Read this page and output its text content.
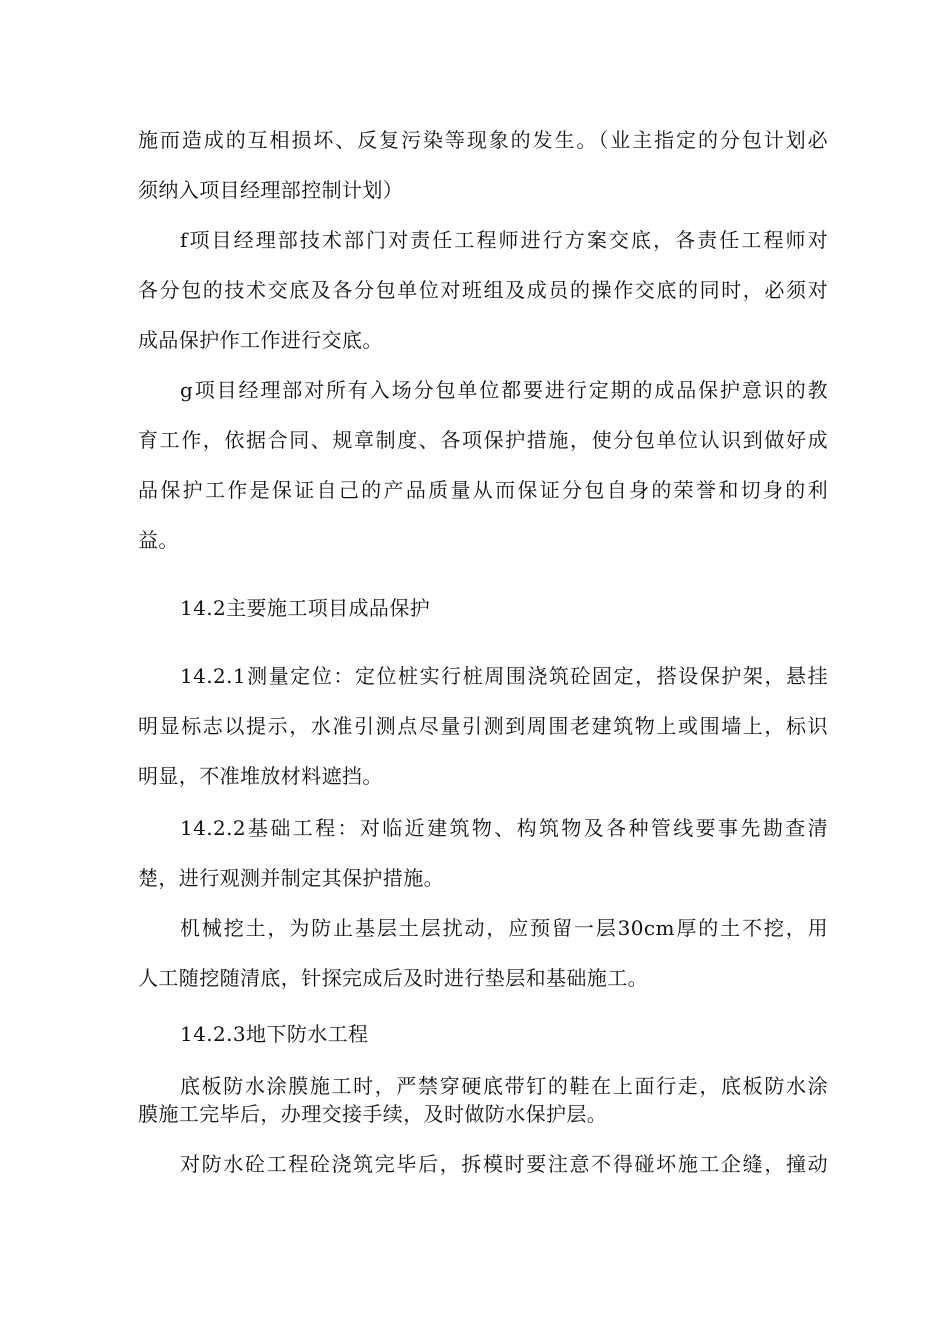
施而造成的互相损坏、反复污染等现象的发生。（业主指定的分包计划必
须纳入项目经理部控制计划）
f项目经理部技术部门对责任工程师进行方案交底，各责任工程师对
各分包的技术交底及各分包单位对班组及成员的操作交底的同时，必须对
成品保护作工作进行交底。
g项目经理部对所有入场分包单位都要进行定期的成品保护意识的教
育工作，依据合同、规章制度、各项保护措施，使分包单位认识到做好成
品保护工作是保证自己的产品质量从而保证分包自身的荣誉和切身的利
益。
14.2主要施工项目成品保护
14.2.1测量定位：定位桩实行桩周围浇筑砼固定，搭设保护架，悬挂
明显标志以提示，水准引测点尽量引测到周围老建筑物上或围墙上，标识
明显，不准堆放材料遮挡。
14.2.2基础工程：对临近建筑物、构筑物及各种管线要事先勘查清
楚，进行观测并制定其保护措施。
机械挖土，为防止基层土层扰动，应预留一层30cm厚的土不挖，用
人工随挖随清底，针探完成后及时进行垫层和基础施工。
14.2.3地下防水工程
底板防水涂膜施工时，严禁穿硬底带钉的鞋在上面行走，底板防水涂
膜施工完毕后，办理交接手续，及时做防水保护层。
对防水砼工程砼浇筑完毕后，拆模时要注意不得碰坏施工企缝，撞动
